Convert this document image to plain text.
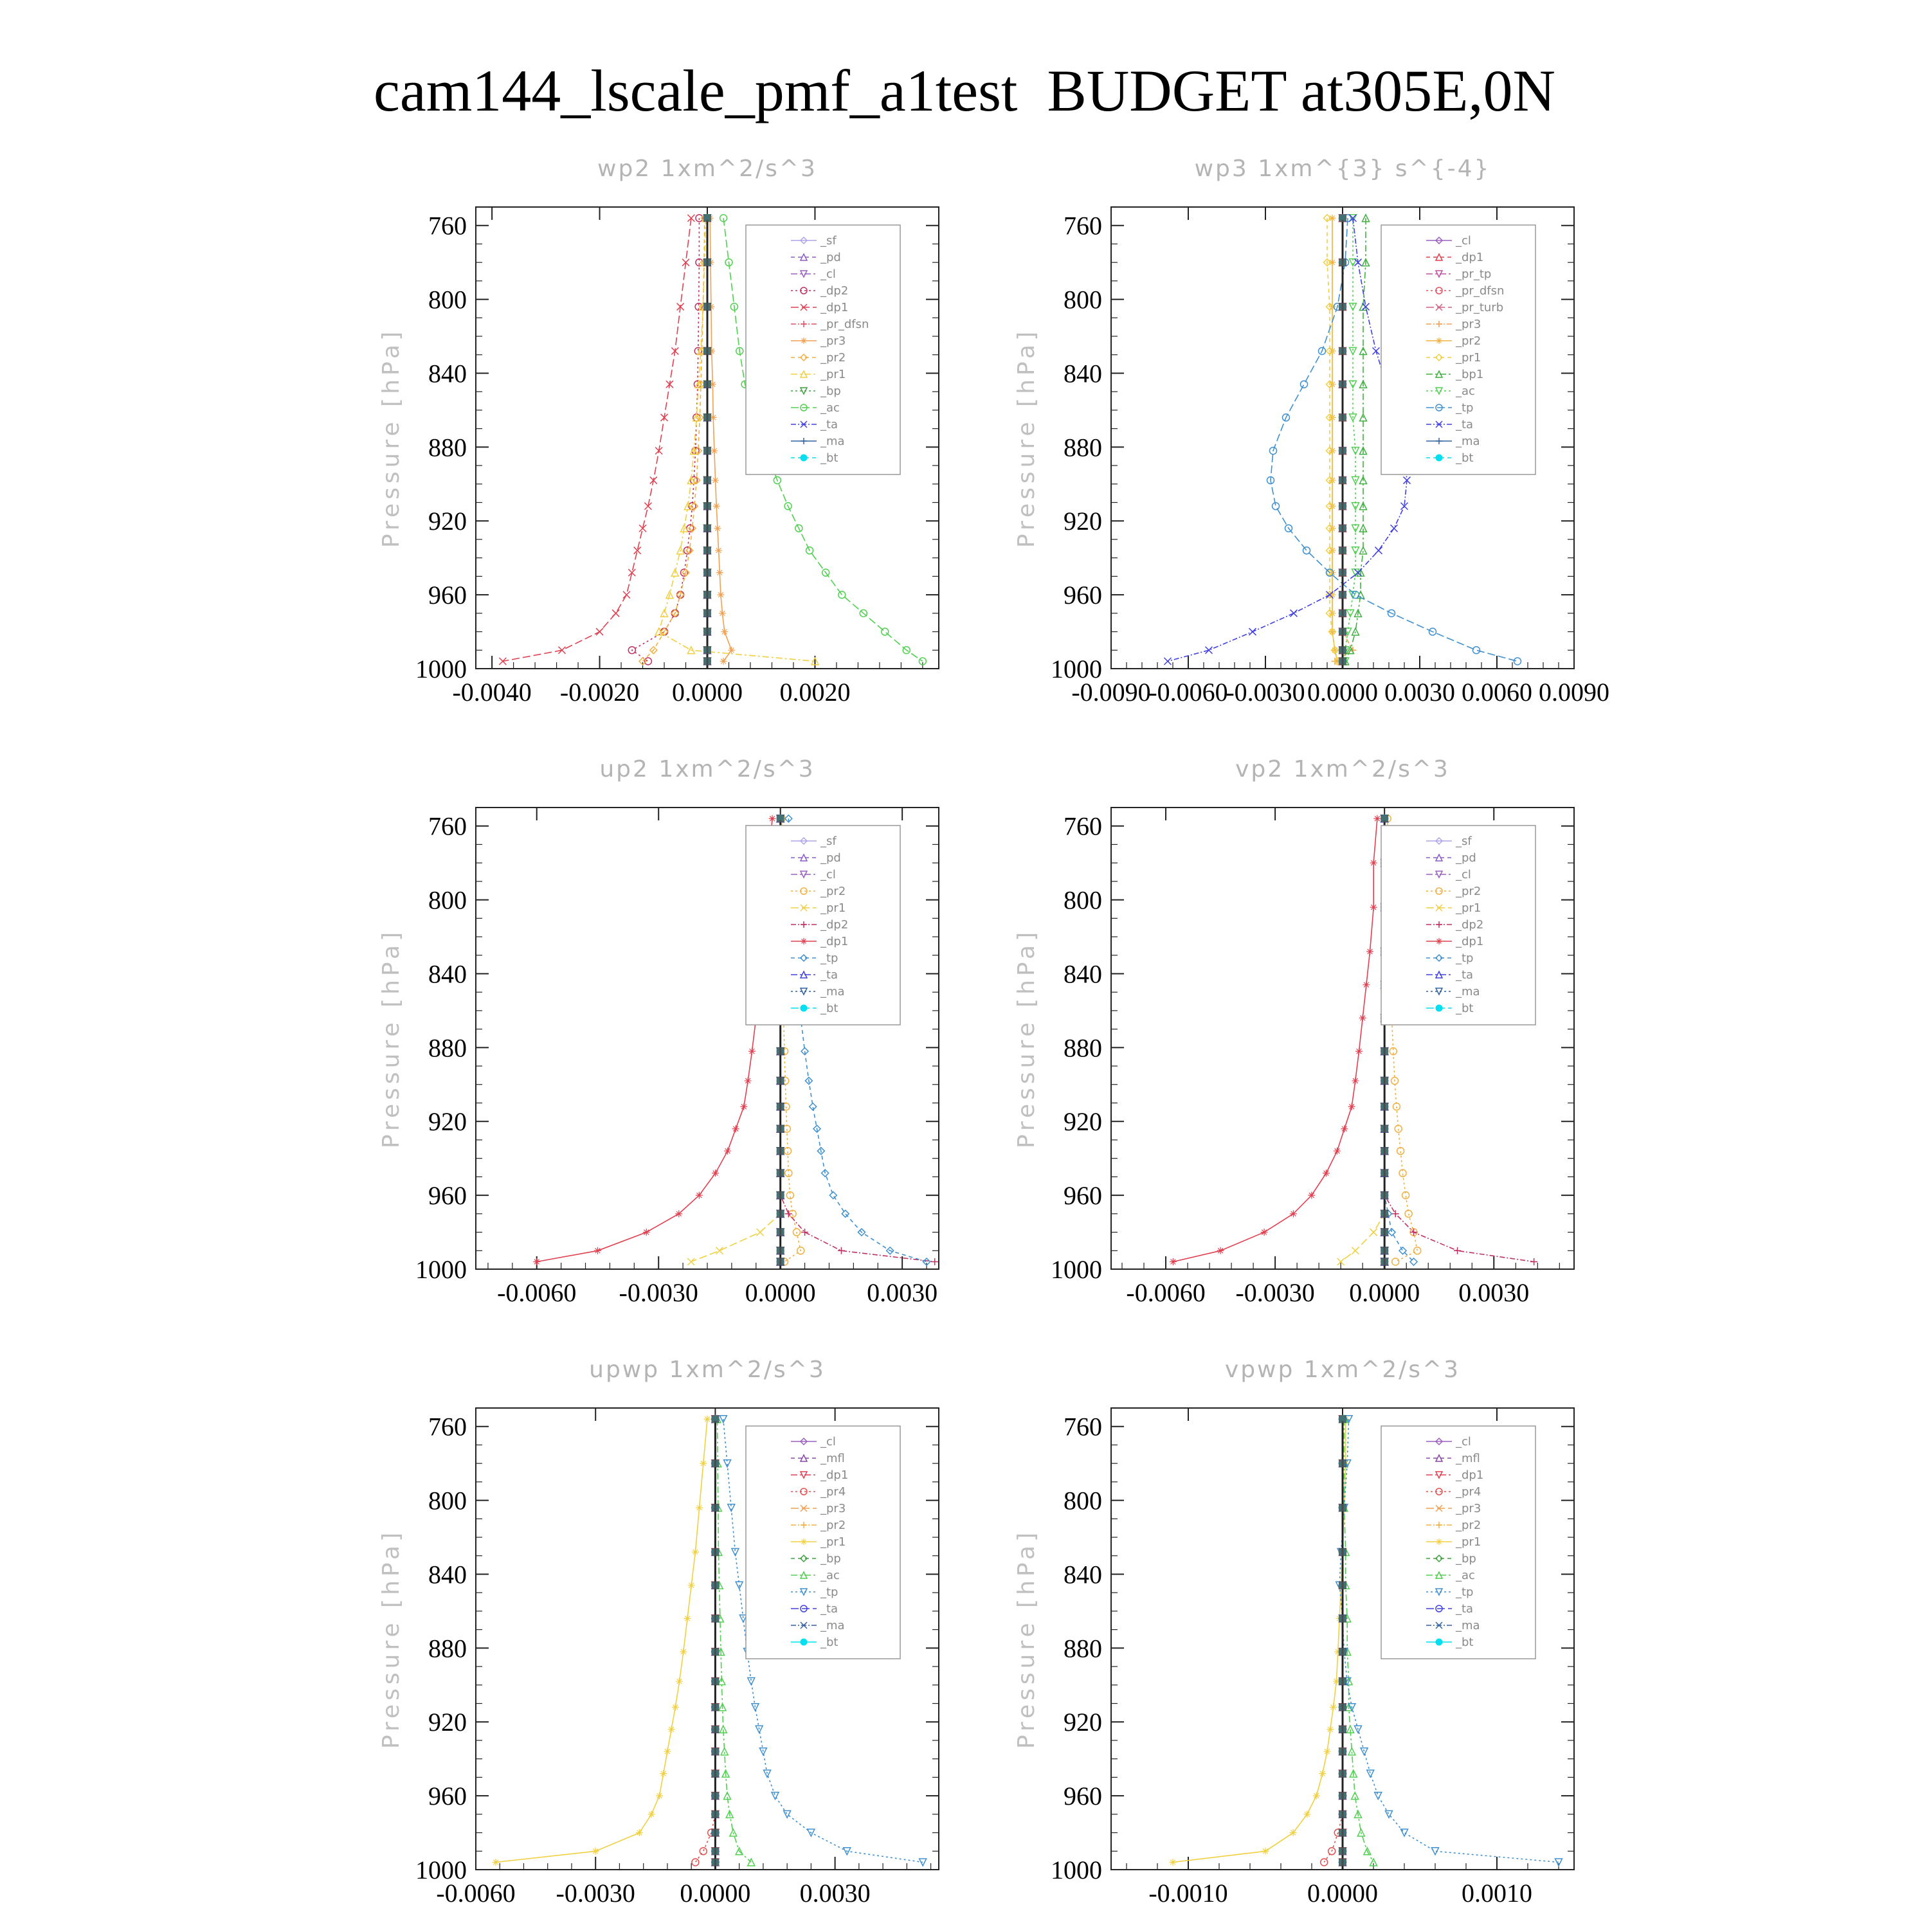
cam144_lscale_pmf_a1test  BUDGET at305E,0N
760
800
840
880
920
960
1000
-0.0040 -0.0020 0.0000 0.0020
wp2 1xm^2/s^3
Pressure [hPa]
_sf
_pd
_cl
_dp2
_dp1
_pr_dfsn
_pr3
_pr2
_pr1
_bp
_ac
_ta
_ma
_bt
760
800
840
880
920
960
1000
-0.0090
-0.0060
-0.0030 0.0000 0.0030 0.0060 0.0090
wp3 1xm^{3} s^{-4}
Pressure [hPa]
_cl
_dp1
_pr_tp
_pr_dfsn
_pr_turb
_pr3
_pr2
_pr1
_bp1
_ac
_tp
_ta
_ma
_bt
760
800
840
880
920
960
1000
-0.0060 -0.0030 0.0000 0.0030
up2 1xm^2/s^3
Pressure [hPa]
_sf
_pd
_cl
_pr2
_pr1
_dp2
_dp1
_tp
_ta
_ma
_bt
760
800
840
880
920
960
1000
-0.0060 -0.0030 0.0000 0.0030
vp2 1xm^2/s^3
Pressure [hPa]
_sf
_pd
_cl
_pr2
_pr1
_dp2
_dp1
_tp
_ta
_ma
_bt
760
800
840
880
920
960
1000
-0.0060 -0.0030 0.0000 0.0030
upwp 1xm^2/s^3
Pressure [hPa]
_cl
_mfl
_dp1
_pr4
_pr3
_pr2
_pr1
_bp
_ac
_tp
_ta
_ma
_bt
760
800
840
880
920
960
1000
-0.0010	0.0000	0.0010
vpwp 1xm^2/s^3
Pressure [hPa]
_cl
_mfl
_dp1
_pr4
_pr3
_pr2
_pr1
_bp
_ac
_tp
_ta
_ma
_bt
